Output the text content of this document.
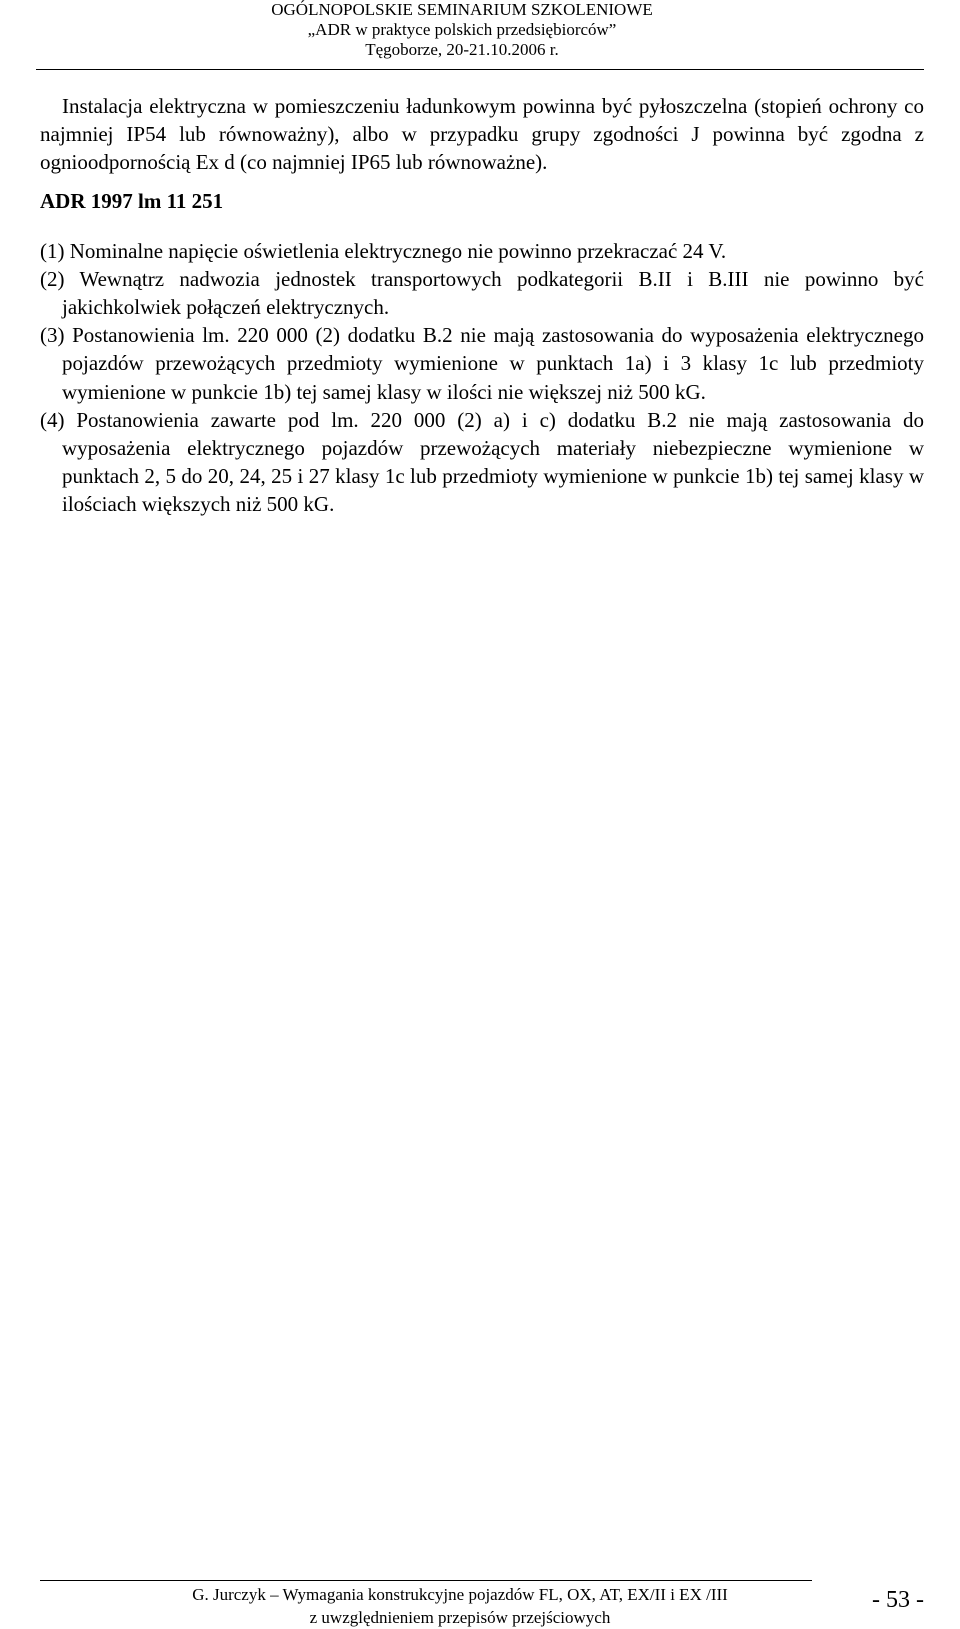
OGÓLNOPOLSKIE SEMINARIUM SZKOLENIOWE
„ADR w praktyce polskich przedsiębiorców”
Tęgoborze, 20-21.10.2006 r.

Instalacja elektryczna w pomieszczeniu ładunkowym powinna być pyłoszczelna (stopień ochrony co najmniej IP54 lub równoważny), albo w przypadku grupy zgodności J powinna być zgodna z ognioodpornością Ex d (co najmniej IP65 lub równoważne).

ADR 1997 lm 11 251

(1) Nominalne napięcie oświetlenia elektrycznego nie powinno przekraczać 24 V.
(2) Wewnątrz nadwozia jednostek transportowych podkategorii B.II i B.III nie powinno być jakichkolwiek połączeń elektrycznych.
(3) Postanowienia lm. 220 000 (2) dodatku B.2 nie mają zastosowania do wyposażenia elektrycznego pojazdów przewożących przedmioty wymienione w punktach 1a) i 3 klasy 1c lub przedmioty wymienione w punkcie 1b) tej samej klasy w ilości nie większej niż 500 kG.
(4) Postanowienia zawarte pod lm. 220 000 (2) a) i c) dodatku B.2 nie mają zastosowania do wyposażenia elektrycznego pojazdów przewożących materiały niebezpieczne wymienione w punktach 2, 5 do 20, 24, 25 i 27 klasy 1c lub przedmioty wymienione w punkcie 1b) tej samej klasy w ilościach większych niż 500 kG.
G. Jurczyk – Wymagania konstrukcyjne pojazdów FL, OX, AT, EX/II i EX /III
z uwzględnieniem przepisów przejściowych
- 53 -
